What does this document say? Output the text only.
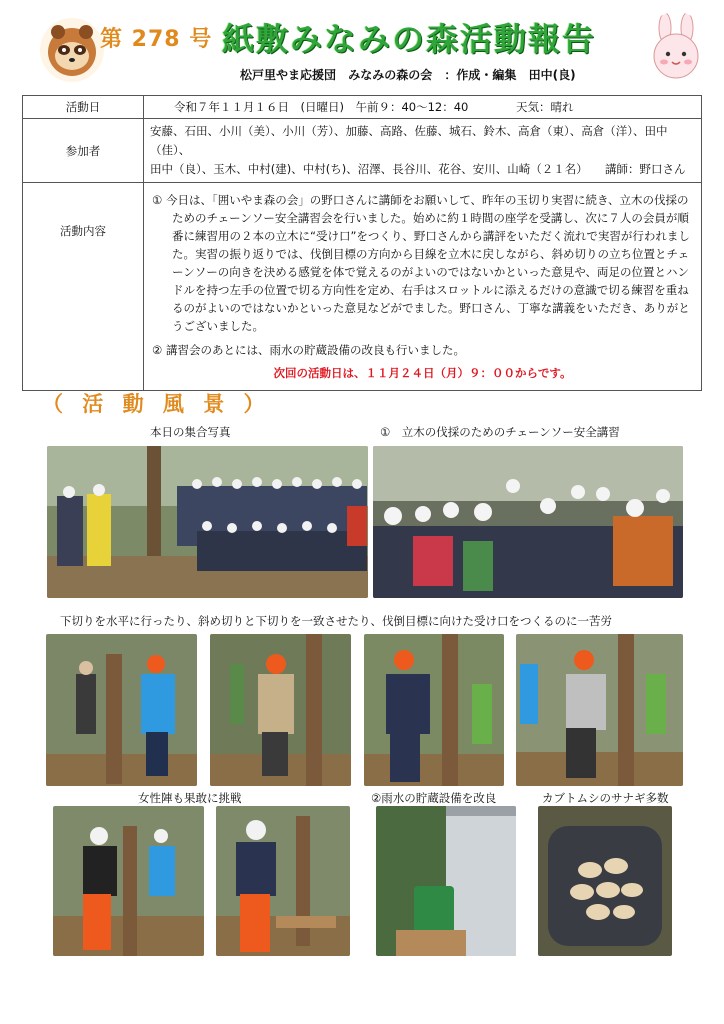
第 278 号 紙敷みなみの森活動報告
松戸里やま応援団 みなみの森の会 ：作成・編集 田中(良)
活動日	令和７年１１月１６日　(日曜日)　午前９：40〜12：40 天気：晴れ
参加者	安藤、石田、小川（美）、小川（芳）、加藤、高路、佐藤、城石、鈴木、高倉（東）、高倉（洋）、田中（佳）、
田中（良）、玉木、中村(建)、中村(ち)、沼澤、長谷川、花谷、安川、山崎（２１名）　　講師：野口さん

活動内容	① 今日は、「囲いやま森の会」の野口さんに講師をお願いして、昨年の玉切り実習に続き、立木の伐採のためのチェーンソー安全講習会を行いました。始めに約１時間の座学を受講し、次に７人の会員が順番に練習用の２本の立木に“受け口”をつくり、野口さんから講評をいただく流れで実習が行われました。実習の振り返りでは、伐倒目標の方向から目線を立木に戻しながら、斜め切りの立ち位置とチェーンソーの向きを決める感覚を体で覚えるのがよいのではないかといった意見や、両足の位置とハンドルを持つ左手の位置で切る方向性を定め、右手はスロットルに添えるだけの意識で切る練習を重ねるのがよいのではないかといった意見などがでました。野口さん、丁寧な講義をいただき、ありがとうございました。
② 講習会のあとには、雨水の貯蔵設備の改良も行いました。
次回の活動日は、１１月２４日（月）９：００からです。
（ 活 動 風 景 ）
本日の集合写真	①　立木の伐採のためのチェーンソー安全講習
下切りを水平に行ったり、斜め切りと下切りを一致させたり、伐倒目標に向けた受け口をつくるのに一苦労
女性陣も果敢に挑戦	②雨水の貯蔵設備を改良	カブトムシのサナギ多数
